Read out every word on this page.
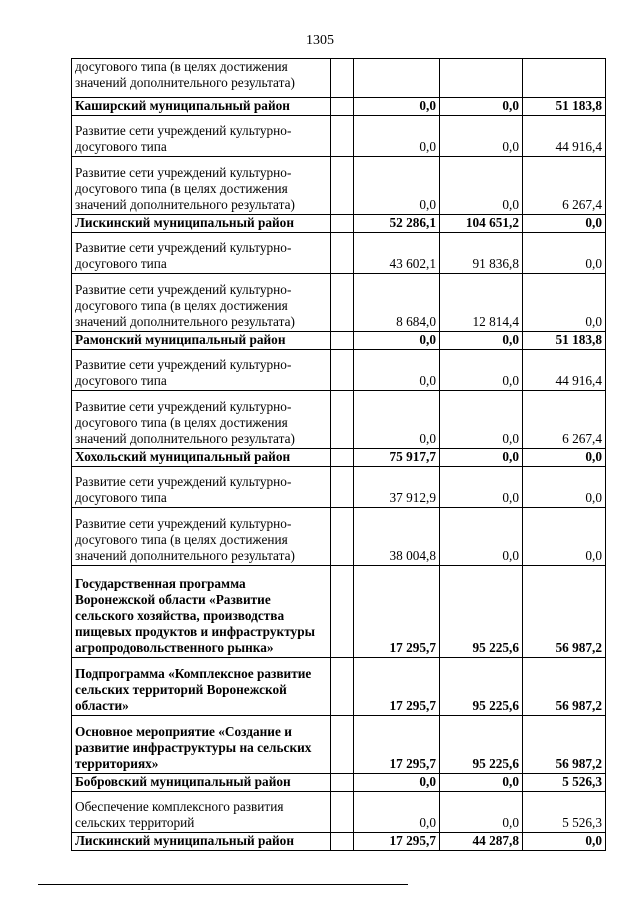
1305
досугового типа (в целях достижения значений дополнительного результата)				
Каширский муниципальный район		0,0	0,0	51 183,8
Развитие сети учреждений культурно-досугового типа		0,0	0,0	44 916,4
Развитие сети учреждений культурно-досугового типа (в целях достижения значений дополнительного результата)		0,0	0,0	6 267,4
Лискинский муниципальный район		52 286,1	104 651,2	0,0
Развитие сети учреждений культурно-досугового типа		43 602,1	91 836,8	0,0
Развитие сети учреждений культурно-досугового типа (в целях достижения значений дополнительного результата)		8 684,0	12 814,4	0,0
Рамонский муниципальный район		0,0	0,0	51 183,8
Развитие сети учреждений культурно-досугового типа		0,0	0,0	44 916,4
Развитие сети учреждений культурно-досугового типа (в целях достижения значений дополнительного результата)		0,0	0,0	6 267,4
Хохольский муниципальный район		75 917,7	0,0	0,0
Развитие сети учреждений культурно-досугового типа		37 912,9	0,0	0,0
Развитие сети учреждений культурно-досугового типа (в целях достижения значений дополнительного результата)		38 004,8	0,0	0,0
Государственная программа Воронежской области «Развитие сельского хозяйства, производства пищевых продуктов и инфраструктуры агропродовольственного рынка»		17 295,7	95 225,6	56 987,2
Подпрограмма «Комплексное развитие сельских территорий Воронежской области»		17 295,7	95 225,6	56 987,2
Основное мероприятие «Создание и развитие инфраструктуры на сельских территориях»		17 295,7	95 225,6	56 987,2
Бобровский муниципальный район		0,0	0,0	5 526,3
Обеспечение комплексного развития сельских территорий		0,0	0,0	5 526,3
Лискинский муниципальный район		17 295,7	44 287,8	0,0
